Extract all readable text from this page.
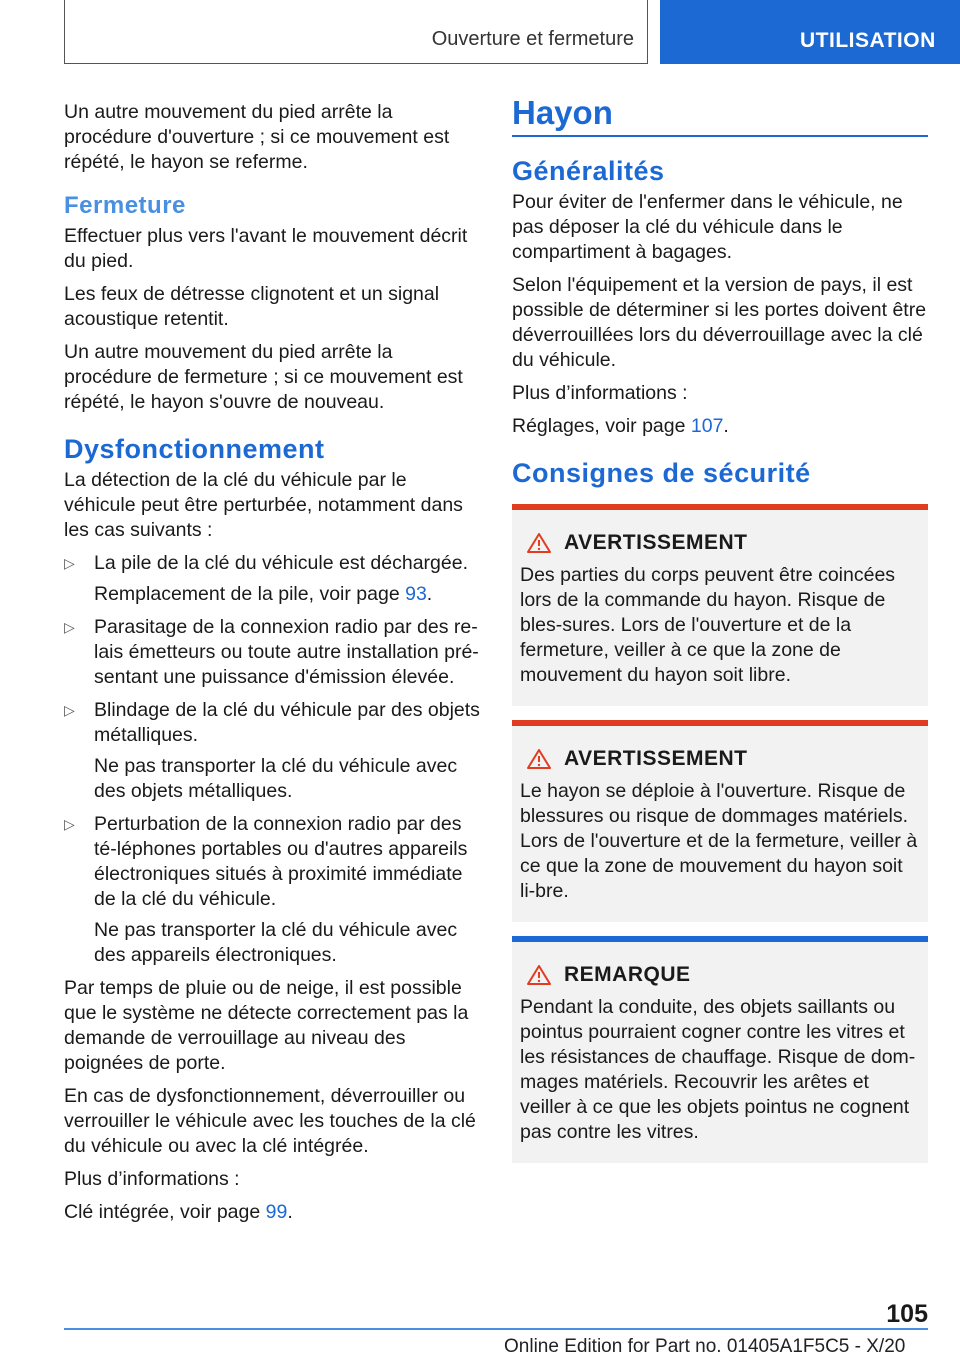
Ouverture et fermeture	UTILISATION

Un autre mouvement du pied arrête la procédure d'ouverture ; si ce mouvement est répété, le hayon se referme.

Fermeture

Effectuer plus vers l'avant le mouvement décrit du pied.

Les feux de détresse clignotent et un signal acoustique retentit.

Un autre mouvement du pied arrête la procédure de fermeture ; si ce mouvement est répété, le hayon s'ouvre de nouveau.

Dysfonctionnement

La détection de la clé du véhicule par le véhicule peut être perturbée, notamment dans les cas suivants :

▷ La pile de la clé du véhicule est déchargée.

Remplacement de la pile, voir page 93.

▷ Parasitage de la connexion radio par des re-lais émetteurs ou toute autre installation pré-sentant une puissance d'émission élevée.
▷ Blindage de la clé du véhicule par des objets métalliques.

Ne pas transporter la clé du véhicule avec des objets métalliques.

▷ Perturbation de la connexion radio par des té-léphones portables ou d'autres appareils électroniques situés à proximité immédiate de la clé du véhicule.

Ne pas transporter la clé du véhicule avec des appareils électroniques.

Par temps de pluie ou de neige, il est possible que le système ne détecte correctement pas la demande de verrouillage au niveau des poignées de porte.

En cas de dysfonctionnement, déverrouiller ou verrouiller le véhicule avec les touches de la clé du véhicule ou avec la clé intégrée.

Plus d’informations :

Clé intégrée, voir page 99.

Hayon
Généralités

Pour éviter de l'enfermer dans le véhicule, ne pas déposer la clé du véhicule dans le compartiment à bagages.

Selon l'équipement et la version de pays, il est possible de déterminer si les portes doivent être déverrouillées lors du déverrouillage avec la clé du véhicule.

Plus d’informations :

Réglages, voir page 107.

Consignes de sécurité
AVERTISSEMENT

Des parties du corps peuvent être coincées lors de la commande du hayon. Risque de bles-sures. Lors de l'ouverture et de la fermeture, veiller à ce que la zone de mouvement du hayon soit libre.

AVERTISSEMENT

Le hayon se déploie à l'ouverture. Risque de blessures ou risque de dommages matériels. Lors de l'ouverture et de la fermeture, veiller à ce que la zone de mouvement du hayon soit li-bre.

REMARQUE

Pendant la conduite, des objets saillants ou pointus pourraient cogner contre les vitres et les résistances de chauffage. Risque de dom-mages matériels. Recouvrir les arêtes et veiller à ce que les objets pointus ne cognent pas contre les vitres.

105
Online Edition for Part no. 01405A1F5C5 - X/20
